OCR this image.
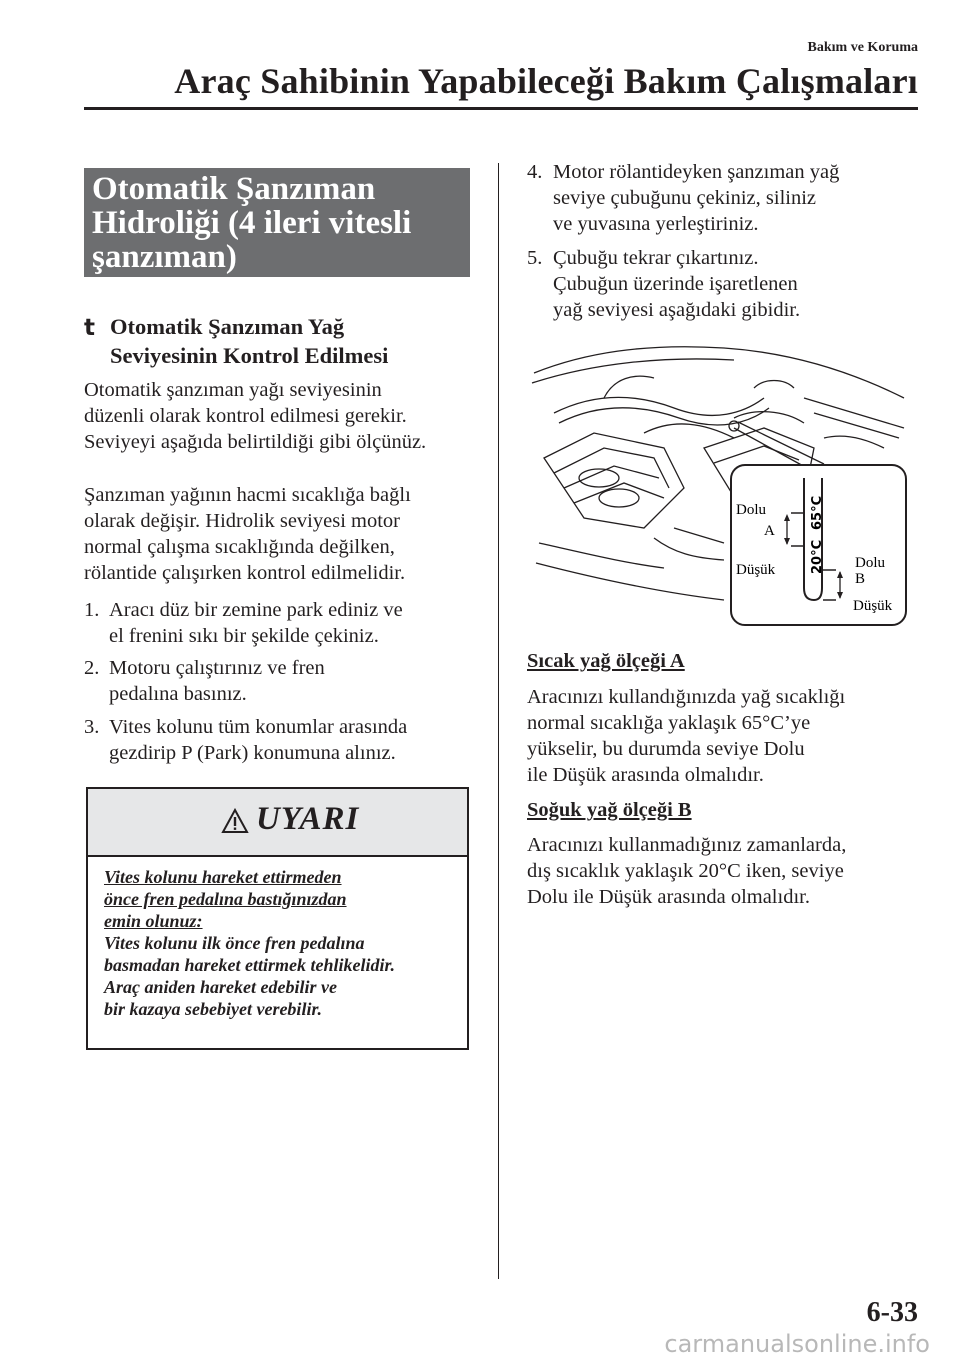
Bakım ve Koruma
Araç Sahibinin Yapabileceği Bakım Çalışmaları
Otomatik Şanzıman
Hidroliği (4 ileri vitesli
şanzıman)
t Otomatik Şanzıman Yağ
Seviyesinin Kontrol Edilmesi
Otomatik şanzıman yağı seviyesinin
düzenli olarak kontrol edilmesi gerekir.
Seviyeyi aşağıda belirtildiği gibi ölçünüz.
Şanzıman yağının hacmi sıcaklığa bağlı
olarak değişir. Hidrolik seviyesi motor
normal çalışma sıcaklığında değilken,
rölantide çalışırken kontrol edilmelidir.
1. Aracı düz bir zemine park ediniz ve
el frenini sıkı bir şekilde çekiniz.
2. Motoru çalıştırınız ve fren
pedalına basınız.
3. Vites kolunu tüm konumlar arasında
gezdirip P (Park) konumuna alınız.
UYARI
Vites kolunu hareket ettirmeden
önce fren pedalına bastığınızdan
emin olunuz:
Vites kolunu ilk önce fren pedalına
basmadan hareket ettirmek tehlikelidir.
Araç aniden hareket edebilir ve
bir kazaya sebebiyet verebilir.
4. Motor rölantideyken şanzıman yağ
seviye çubuğunu çekiniz, siliniz
ve yuvasına yerleştiriniz.
5. Çubuğu tekrar çıkartınız.
Çubuğun üzerinde işaretlenen
yağ seviyesi aşağıdaki gibidir.
Dolu
A
Düşük	Dolu
B
Düşük
65°C
20°C
Sıcak yağ ölçeği A
Aracınızı kullandığınızda yağ sıcaklığı
normal sıcaklığa yaklaşık 65°C’ye
yükselir, bu durumda seviye Dolu
ile Düşük arasında olmalıdır.
Soğuk yağ ölçeği B
Aracınızı kullanmadığınız zamanlarda,
dış sıcaklık yaklaşık 20°C iken, seviye
Dolu ile Düşük arasında olmalıdır.
6-33
carmanualsonline.info
